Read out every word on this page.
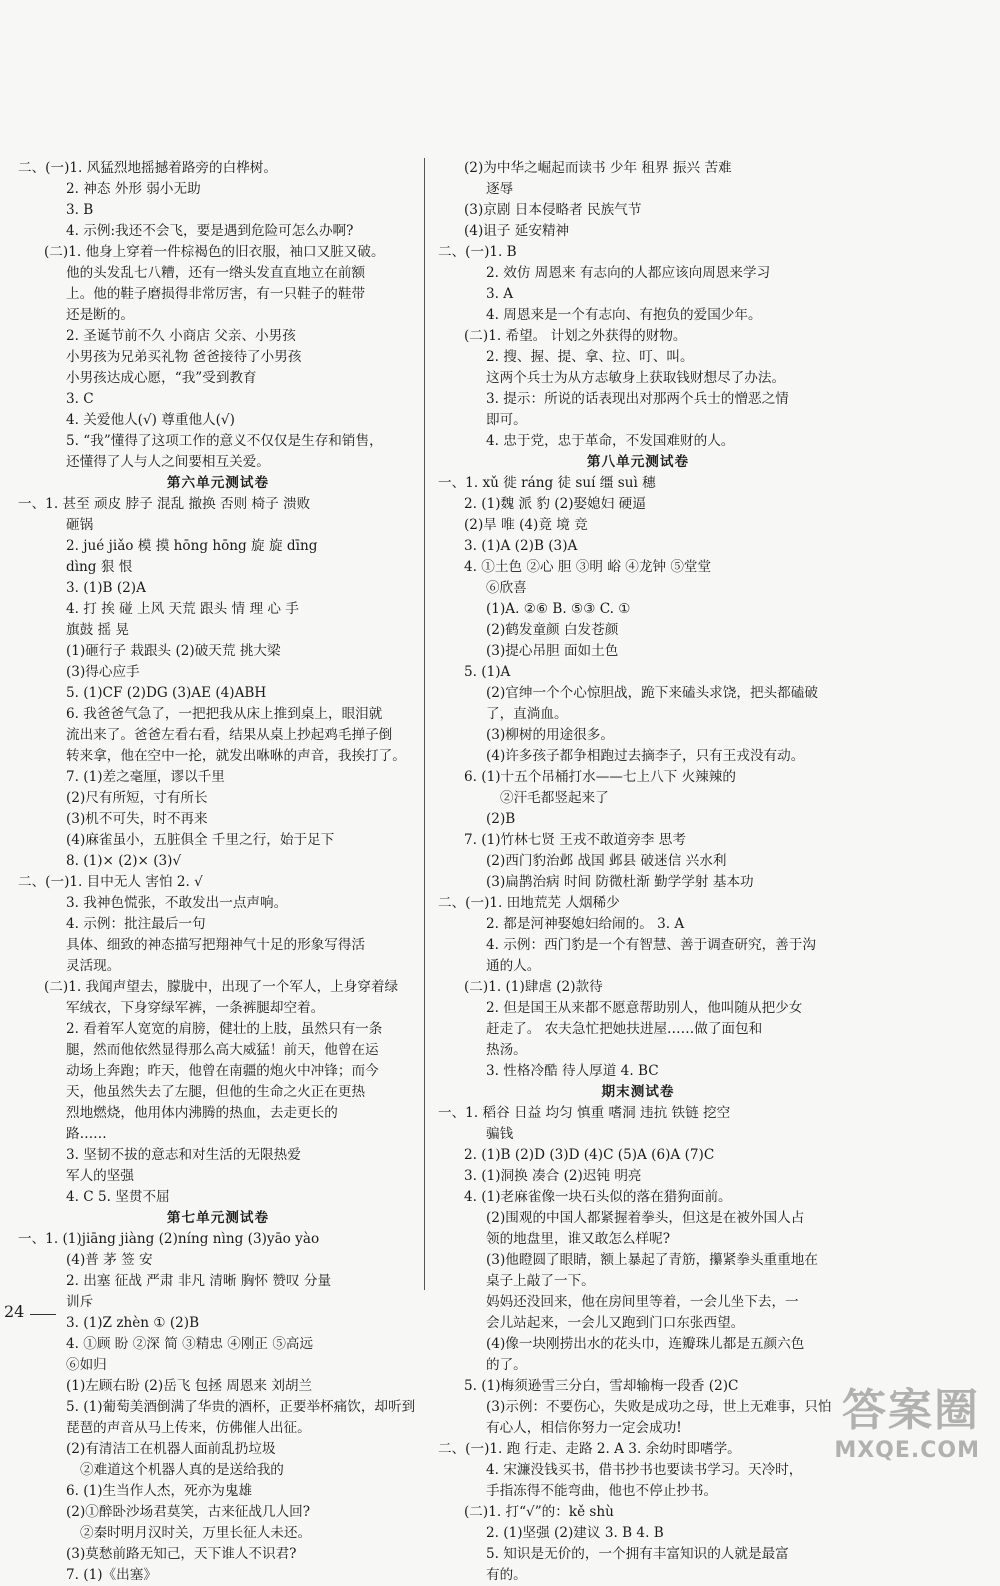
二、(一)1. 风猛烈地摇撼着路旁的白桦树。
2. 神态 外形 弱小无助
3. B
4. 示例:我还不会飞，要是遇到危险可怎么办啊?
(二)1. 他身上穿着一件棕褐色的旧衣服，袖口又脏又破。
他的头发乱七八糟，还有一绺头发直直地立在前额
上。他的鞋子磨损得非常厉害，有一只鞋子的鞋带
还是断的。
2. 圣诞节前不久 小商店 父亲、小男孩
小男孩为兄弟买礼物 爸爸接待了小男孩
小男孩达成心愿，“我”受到教育
3. C
4. 关爱他人(√) 尊重他人(√)
5. “我”懂得了这项工作的意义不仅仅是生存和销售，
还懂得了人与人之间要相互关爱。
第六单元测试卷
一、1. 甚至 顽皮 脖子 混乱 撤换 否则 椅子 溃败
砸锅
2. jué jiǎo 模 摸 hōng hōng 旋 旋 dīng
dìng 狠 恨
3. (1)B (2)A
4. 打 挨 碰 上风 天荒 跟头 情 理 心 手
旗鼓 摇 晃
(1)砸行子 栽跟头 (2)破天荒 挑大梁
(3)得心应手
5. (1)CF (2)DG (3)AE (4)ABH
6. 我爸爸气急了，一把把我从床上推到桌上，眼泪就
流出来了。爸爸左看右看，结果从桌上抄起鸡毛掸子倒
转来拿，他在空中一抡，就发出咻咻的声音，我挨打了。
7. (1)差之毫厘，谬以千里
(2)尺有所短，寸有所长
(3)机不可失，时不再来
(4)麻雀虽小，五脏俱全 千里之行，始于足下
8. (1)× (2)× (3)√
二、(一)1. 目中无人 害怕 2. √
3. 我神色慌张，不敢发出一点声响。
4. 示例：批注最后一句
具体、细致的神态描写把翔神气十足的形象写得活
灵活现。
(二)1. 我闻声望去，朦胧中，出现了一个军人，上身穿着绿
军绒衣，下身穿绿军裤，一条裤腿却空着。
2. 看着军人宽宽的肩膀，健壮的上肢，虽然只有一条
腿，然而他依然显得那么高大威猛！前天，他曾在运
动场上奔跑；昨天，他曾在南疆的炮火中冲锋；而今
天，他虽然失去了左腿，但他的生命之火正在更热
烈地燃烧，他用体内沸腾的热血，去走更长的
路……
3. 坚韧不拔的意志和对生活的无限热爱
军人的坚强
4. C 5. 坚贯不屈
第七单元测试卷
一、1. (1)jiāng jiàng (2)níng nìng (3)yāo yào
(4)普 茅 签 安
2. 出塞 征战 严肃 非凡 清晰 胸怀 赞叹 分量
训斥
3. (1)Z zhèn ① (2)B
4. ①顾 盼 ②深 简 ③精忠 ④刚正 ⑤高远
⑥如归
(1)左顾右盼 (2)岳飞 包拯 周恩来 刘胡兰
5. (1)葡萄美酒倒满了华贵的酒杯，正要举杯痛饮，却听到
琵琶的声音从马上传来，仿佛催人出征。
(2)有清洁工在机器人面前乱扔垃圾
②难道这个机器人真的是送给我的
6. (1)生当作人杰，死亦为鬼雄
(2)①醉卧沙场君莫笑，古来征战几人回?
②秦时明月汉时关，万里长征人未还。
(3)莫愁前路无知己，天下谁人不识君?
7. (1)《出塞》
(2)为中华之崛起而读书 少年 租界 振兴 苦难
逐辱
(3)京剧 日本侵略者 民族气节
(4)诅子 延安精神
二、(一)1. B
2. 效仿 周恩来 有志向的人都应该向周恩来学习
3. A
4. 周恩来是一个有志向、有抱负的爱国少年。
(二)1. 希望。 计划之外获得的财物。
2. 搜、握、提、拿、拉、叮、叫。
这两个兵士为从方志敏身上获取钱财想尽了办法。
3. 提示：所说的话表现出对那两个兵士的憎恶之情
即可。
4. 忠于党，忠于革命，不发国难财的人。
第八单元测试卷
一、1. xǔ 徙 ráng 徒 suí 缰 suì 穗
2. (1)魏 派 豹 (2)娶媳妇 硬逼
(2)旱 唯 (4)竟 境 竞
3. (1)A (2)B (3)A
4. ①土色 ②心 胆 ③明 峪 ④龙钟 ⑤堂堂
⑥欣喜
(1)A. ②⑥ B. ⑤③ C. ①
(2)鹤发童颜 白发苍颜
(3)提心吊胆 面如土色
5. (1)A
(2)官绅一个个心惊胆战，跪下来磕头求饶，把头都磕破
了，直淌血。
(3)柳树的用途很多。
(4)许多孩子都争相跑过去摘李子，只有王戎没有动。
6. (1)十五个吊桶打水——七上八下 火辣辣的
②汗毛都竖起来了
(2)B
7. (1)竹林七贤 王戎不敢道旁李 思考
(2)西门豹治邺 战国 邺县 破迷信 兴水利
(3)扁鹊治病 时间 防微杜渐 勤学学射 基本功
二、(一)1. 田地荒芜 人烟稀少
2. 都是河神娶媳妇给闹的。 3. A
4. 示例：西门豹是一个有智慧、善于调查研究，善于沟
通的人。
(二)1. (1)肆虐 (2)款待
2. 但是国王从来都不愿意帮助别人，他叫随从把少女
赶走了。 农夫急忙把她扶进屋……做了面包和
热汤。
3. 性格冷酷 待人厚道 4. BC
期末测试卷
一、1. 稻谷 日益 均匀 慎重 嗜洞 违抗 铁链 挖空
骗钱
2. (1)B (2)D (3)D (4)C (5)A (6)A (7)C
3. (1)洞换 凑合 (2)迟钝 明亮
4. (1)老麻雀像一块石头似的落在猎狗面前。
(2)围观的中国人都紧握着拳头，但这是在被外国人占
领的地盘里，谁又敢怎么样呢?
(3)他瞪圆了眼睛，额上暴起了青筋，攥紧拳头重重地在
桌子上敲了一下。
妈妈还没回来，他在房间里等着，一会儿坐下去，一
会儿站起来，一会儿又跑到门口东张西望。
(4)像一块刚捞出水的花头巾，连瓣珠儿都是五颜六色
的了。
5. (1)梅须逊雪三分白，雪却输梅一段香 (2)C
(3)示例：不要伤心，失败是成功之母，世上无难事，只怕
有心人，相信你努力一定会成功!
二、(一)1. 跑 行走、走路 2. A 3. 余幼时即嗜学。
4. 宋濂没钱买书，借书抄书也要读书学习。天冷时，
手指冻得不能弯曲，他也不停止抄书。
(二)1. 打“√”的：kě shù
2. (1)坚强 (2)建议 3. B 4. B
5. 知识是无价的，一个拥有丰富知识的人就是最富
有的。
24
答案圈
MXQE.COM
